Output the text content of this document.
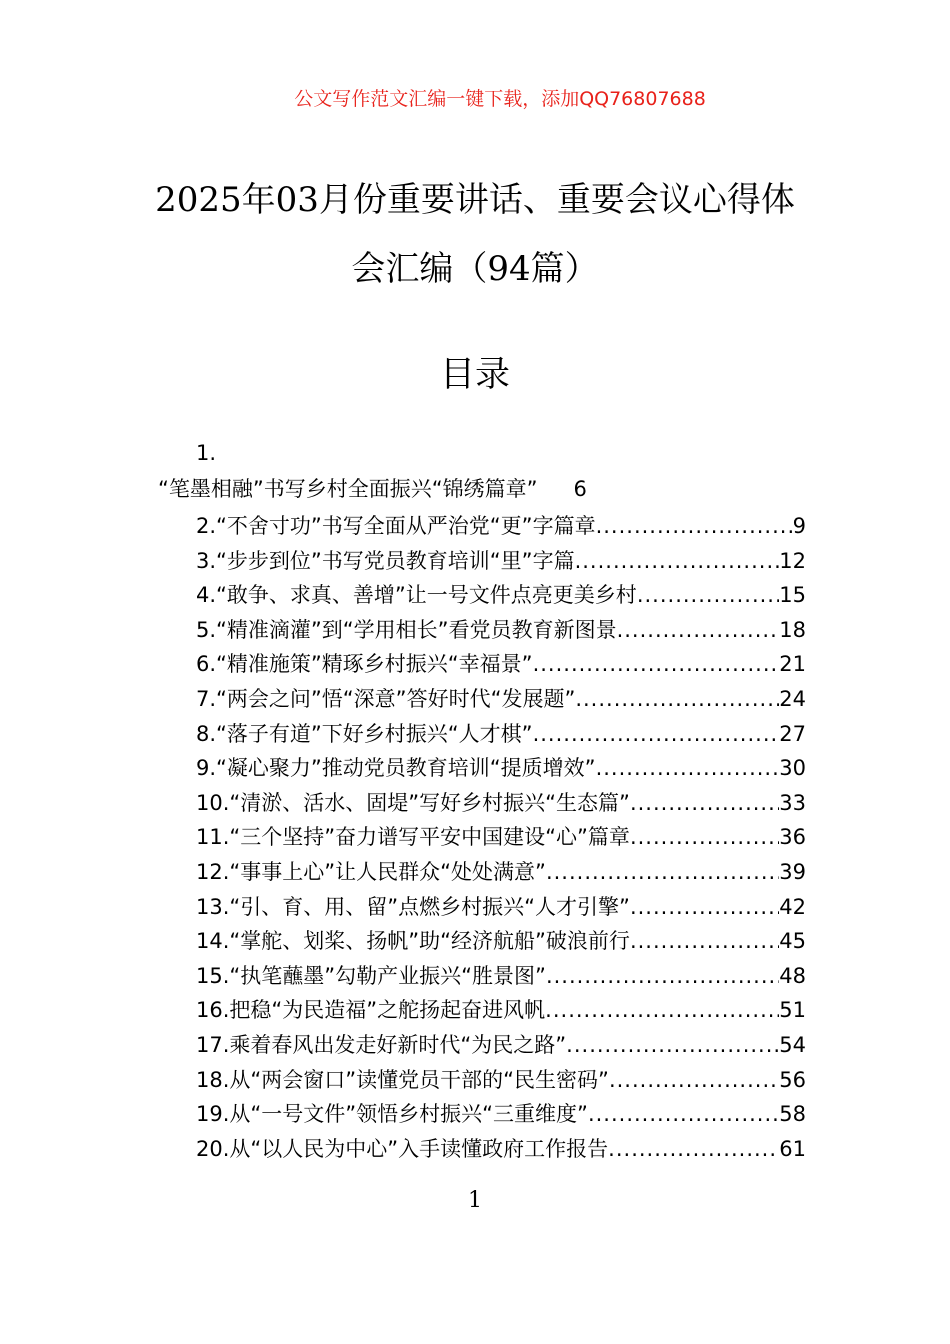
公文写作范文汇编一键下载，添加QQ76807688
2025年03月份重要讲话、重要会议心得体
会汇编（94篇）
目录
1.
“笔墨相融”书写乡村全面振兴“锦绣篇章” 6
2. “不舍寸功”书写全面从严治党“更”字篇章 .....	9
3. “步步到位”书写党员教育培训“里”字篇 .....	12
4. “敢争、求真、善增”让一号文件点亮更美乡村 .....	15
5. “精准滴灌”到“学用相长”看党员教育新图景 .....	18
6. “精准施策”精琢乡村振兴“幸福景” .....	21
7. “两会之问”悟“深意”答好时代“发展题” .....	24
8. “落子有道”下好乡村振兴“人才棋” .....	27
9. “凝心聚力”推动党员教育培训“提质增效” .....	30
10. “清淤、活水、固堤”写好乡村振兴“生态篇” .....	33
11. “三个坚持”奋力谱写平安中国建设“心”篇章 .....	36
12. “事事上心”让人民群众“处处满意” .....	39
13. “引、育、用、留”点燃乡村振兴“人才引擎” .....	42
14. “掌舵、划桨、扬帆”助“经济航船”破浪前行 .....	45
15. “执笔蘸墨”勾勒产业振兴“胜景图” .....	48
16. 把稳“为民造福”之舵扬起奋进风帆 .....	51
17. 乘着春风出发走好新时代“为民之路” .....	54
18. 从“两会窗口”读懂党员干部的“民生密码” .....	56
19. 从“一号文件”领悟乡村振兴“三重维度” .....	58
20. 从“以人民为中心”入手读懂政府工作报告 .....	61
1
